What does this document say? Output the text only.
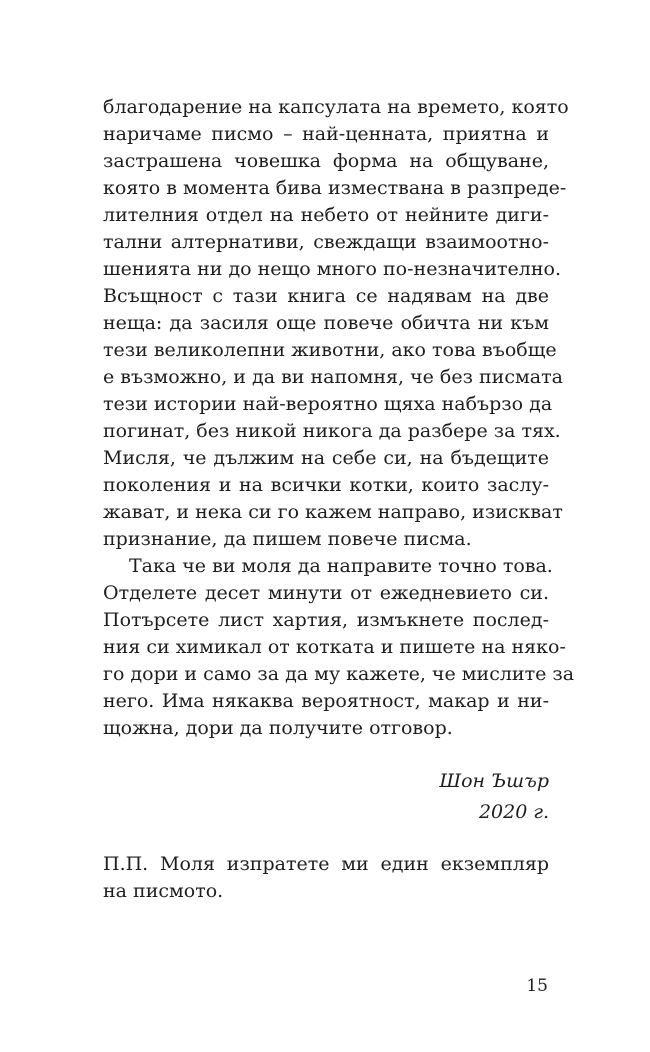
благодарение на капсулата на времето, която
наричаме писмо – най-ценната, приятна и
застрашена човешка форма на общуване,
която в момента бива измествана в разпреде-
лителния отдел на небето от нейните диги-
тални алтернативи, свеждащи взаимоотно-
шенията ни до нещо много по-незначително.
Всъщност с тази книга се надявам на две
неща: да засиля още повече обичта ни към
тези великолепни животни, ако това въобще
е възможно, и да ви напомня, че без писмата
тези истории най-вероятно щяха набързо да
погинат, без никой никога да разбере за тях.
Мисля, че дължим на себе си, на бъдещите
поколения и на всички котки, които заслу-
жават, и нека си го кажем направо, изискват
признание, да пишем повече писма.
Така че ви моля да направите точно това.
Отделете десет минути от ежедневието си.
Потърсете лист хартия, измъкнете послед-
ния си химикал от котката и пишете на няко-
го дори и само за да му кажете, че мислите за
него. Има някаква вероятност, макар и ни-
щожна, дори да получите отговор.
Шон Ъшър
2020 г.
П.П. Моля изпратете ми един екземпляр
на писмото.
15
